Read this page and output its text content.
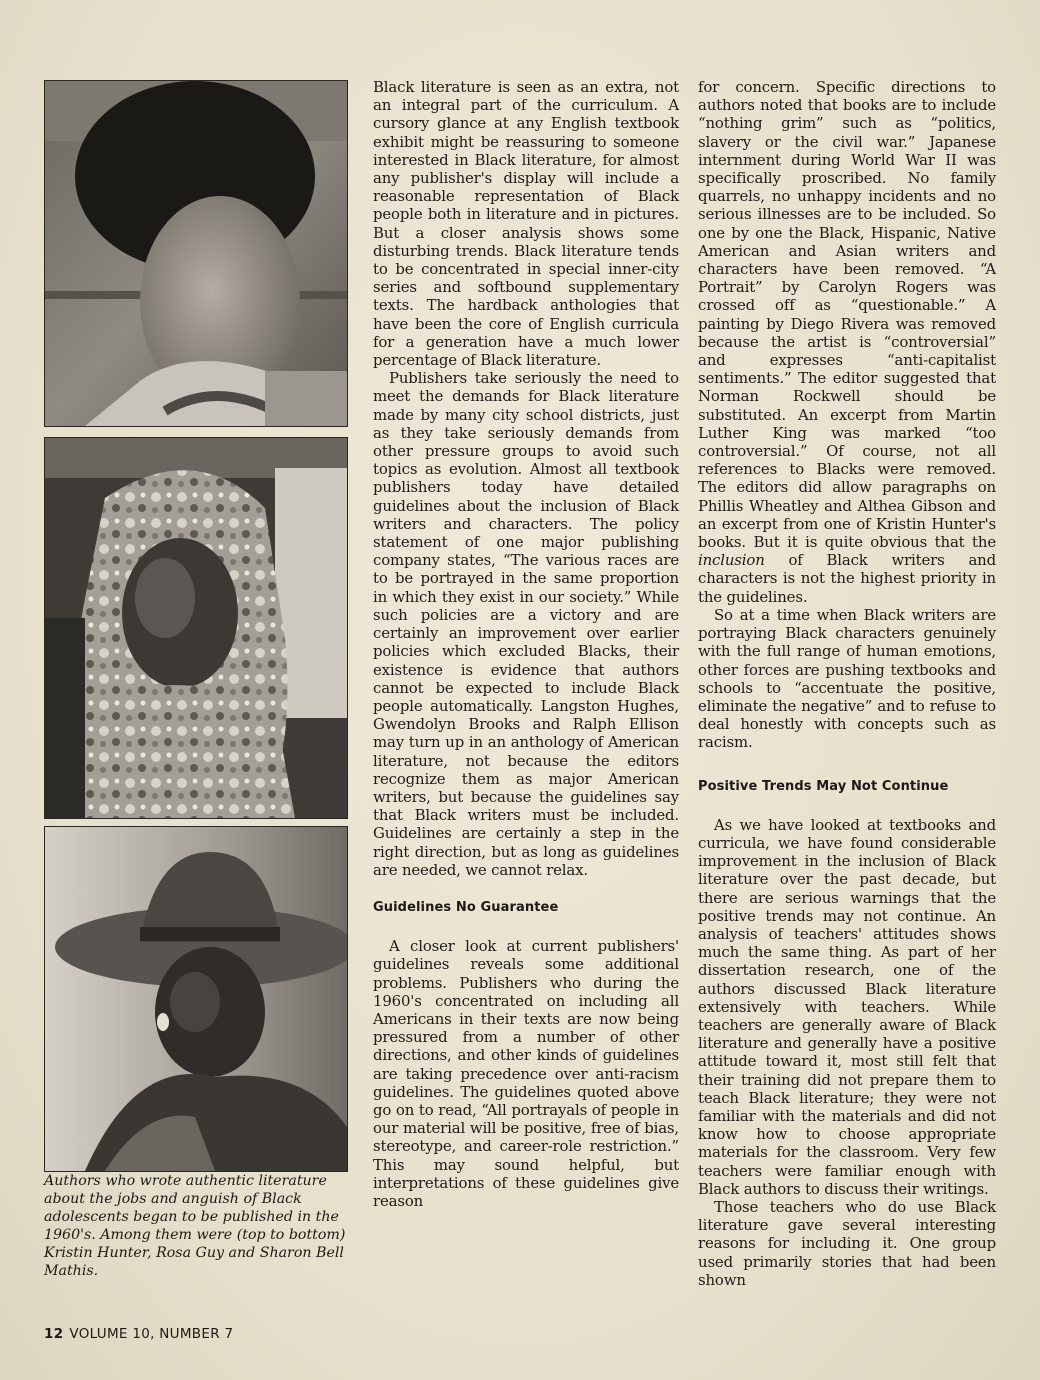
Authors who wrote authentic literature about the jobs and anguish of Black adolescents began to be published in the 1960's. Among them were (top to bottom) Kristin Hunter, Rosa Guy and Sharon Bell Mathis.

Black literature is seen as an extra, not an integral part of the curriculum. A cursory glance at any English textbook exhibit might be reassuring to someone interested in Black literature, for almost any publisher's display will include a reasonable representation of Black people both in literature and in pictures. But a closer analysis shows some disturbing trends. Black literature tends to be concentrated in special inner-city series and softbound supplementary texts. The hardback anthologies that have been the core of English curricula for a generation have a much lower percentage of Black literature.

Publishers take seriously the need to meet the demands for Black literature made by many city school districts, just as they take seriously demands from other pressure groups to avoid such topics as evolution. Almost all textbook publishers today have detailed guidelines about the inclusion of Black writers and characters. The policy statement of one major publishing company states, “The various races are to be portrayed in the same proportion in which they exist in our society.” While such policies are a victory and are certainly an improvement over earlier policies which excluded Blacks, their existence is evidence that authors cannot be expected to include Black people automatically. Langston Hughes, Gwendolyn Brooks and Ralph Ellison may turn up in an anthology of American literature, not because the editors recognize them as major American writers, but because the guidelines say that Black writers must be included. Guidelines are certainly a step in the right direction, but as long as guidelines are needed, we cannot relax.

Guidelines No Guarantee

A closer look at current publishers' guidelines reveals some additional problems. Publishers who during the 1960's concentrated on including all Americans in their texts are now being pressured from a number of other directions, and other kinds of guidelines are taking precedence over anti-racism guidelines. The guidelines quoted above go on to read, “All portrayals of people in our material will be positive, free of bias, stereotype, and career-role restriction.” This may sound helpful, but interpretations of these guidelines give reason

for concern. Specific directions to authors noted that books are to include “nothing grim” such as “politics, slavery or the civil war.” Japanese internment during World War II was specifically proscribed. No family quarrels, no unhappy incidents and no serious illnesses are to be included. So one by one the Black, Hispanic, Native American and Asian writers and characters have been removed. “A Portrait” by Carolyn Rogers was crossed off as “questionable.” A painting by Diego Rivera was removed because the artist is “controversial” and expresses “anti-capitalist sentiments.” The editor suggested that Norman Rockwell should be substituted. An excerpt from Martin Luther King was marked “too controversial.” Of course, not all references to Blacks were removed. The editors did allow paragraphs on Phillis Wheatley and Althea Gibson and an excerpt from one of Kristin Hunter's books. But it is quite obvious that the inclusion of Black writers and characters is not the highest priority in the guidelines.

So at a time when Black writers are portraying Black characters genuinely with the full range of human emotions, other forces are pushing textbooks and schools to “accentuate the positive, eliminate the negative” and to refuse to deal honestly with concepts such as racism.

Positive Trends May Not Continue

As we have looked at textbooks and curricula, we have found considerable improvement in the inclusion of Black literature over the past decade, but there are serious warnings that the positive trends may not continue. An analysis of teachers' attitudes shows much the same thing. As part of her dissertation research, one of the authors discussed Black literature extensively with teachers. While teachers are generally aware of Black literature and generally have a positive attitude toward it, most still felt that their training did not prepare them to teach Black literature; they were not familiar with the materials and did not know how to choose appropriate materials for the classroom. Very few teachers were familiar enough with Black authors to discuss their writings.

Those teachers who do use Black literature gave several interesting reasons for including it. One group used primarily stories that had been shown

12 VOLUME 10, NUMBER 7
